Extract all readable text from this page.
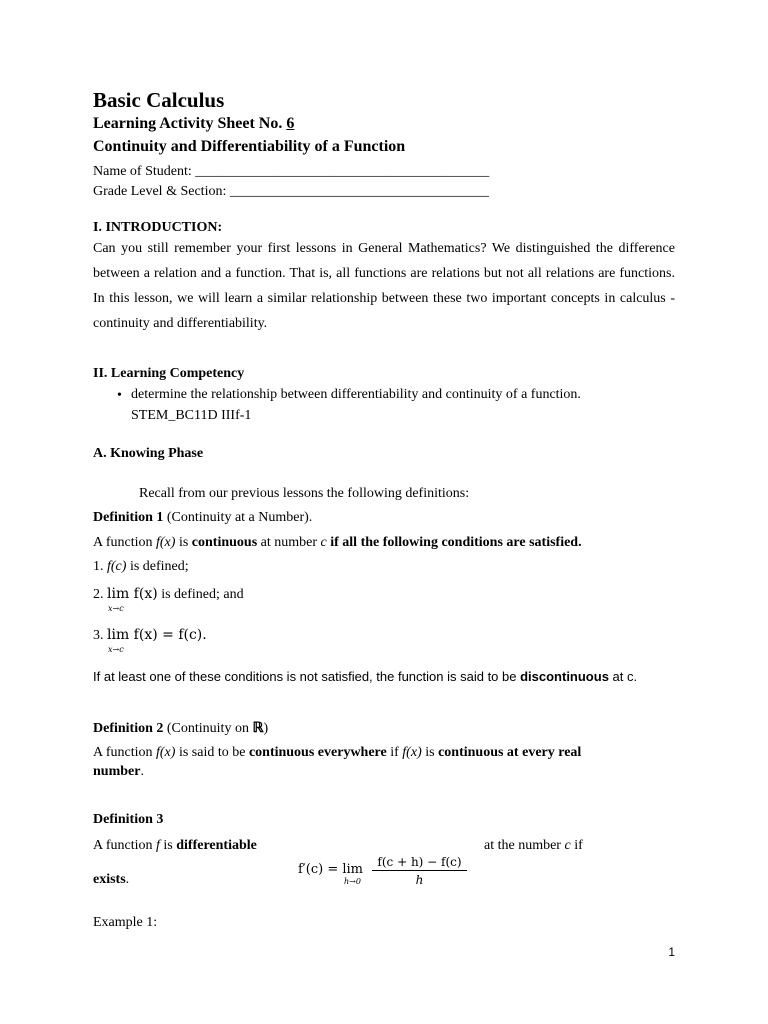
Basic Calculus
Learning Activity Sheet No. 6
Continuity and Differentiability of a Function
Name of Student: __________________________________________
Grade Level & Section: _____________________________________
I. INTRODUCTION:
Can you still remember your first lessons in General Mathematics? We distinguished the difference between a relation and a function. That is, all functions are relations but not all relations are functions. In this lesson, we will learn a similar relationship between these two important concepts in calculus - continuity and differentiability.
II. Learning Competency
• determine the relationship between differentiability and continuity of a function.
STEM_BC11D IIIf-1
A. Knowing Phase
Recall from our previous lessons the following definitions:
Definition 1 (Continuity at a Number).
A function f(x) is continuous at number c if all the following conditions are satisfied.
1. f(c) is defined;
2. lim f(x) is defined; and
x→c
3. lim f(x) = f(c).
x→c
If at least one of these conditions is not satisfied, the function is said to be discontinuous at c.
Definition 2 (Continuity on ℝ)
A function f(x) is said to be continuous everywhere if f(x) is continuous at every real
number.
Definition 3
A function f is differentiable	at the number c if
f′(c) = lim
h→0
f(c + h) − f(c)
h
exists.
Example 1:
1
